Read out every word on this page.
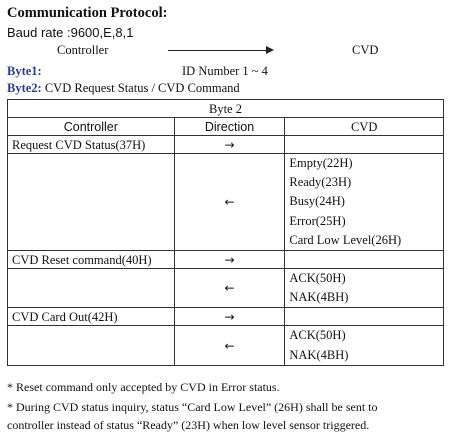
Communication Protocol:
Baud rate :9600,E,8,1
Controller	CVD
Byte1:	ID Number 1 ~ 4
Byte2: CVD Request Status / CVD Command
Byte 2		
Controller	Direction	CVD
Request CVD Status(37H)	→	
	←	Empty(22H)
Ready(23H)
Busy(24H)
Error(25H)
Card Low Level(26H)

CVD Reset command(40H)	→	
	←	ACK(50H)
NAK(4BH)

CVD Card Out(42H)	→	
	←	ACK(50H)
NAK(4BH)
* Reset command only accepted by CVD in Error status.
* During CVD status inquiry, status “Card Low Level” (26H) shall be sent to
controller instead of status “Ready” (23H) when low level sensor triggered.
